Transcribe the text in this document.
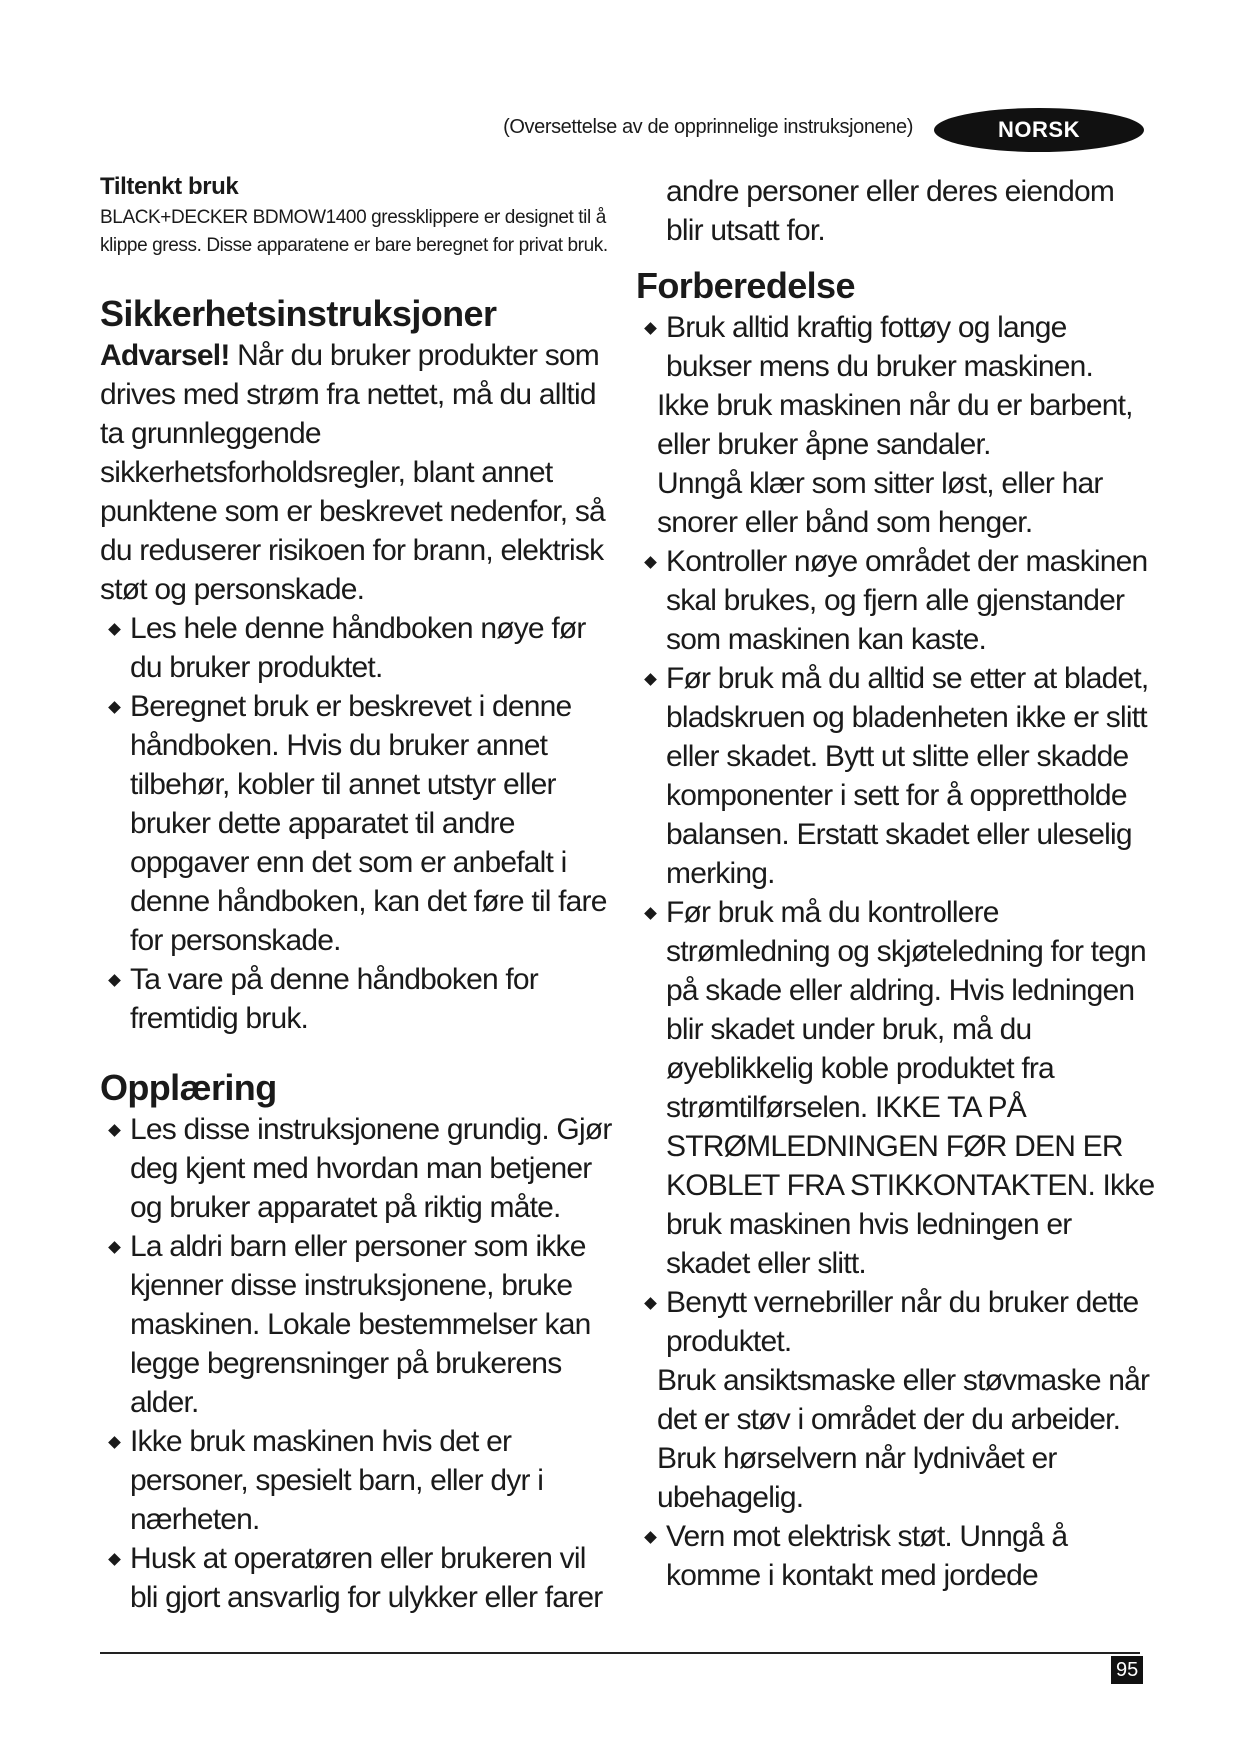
(Oversettelse av de opprinnelige instruksjonene)	NORSK
Tiltenkt bruk
BLACK+DECKER BDMOW1400 gressklippere er designet til å klippe gress. Disse apparatene er bare beregnet for privat bruk.
Sikkerhetsinstruksjoner

Advarsel! Når du bruker produkter som drives med strøm fra nettet, må du alltid ta grunnleggende sikkerhetsforholdsregler, blant annet punktene som er beskrevet nedenfor, så du reduserer risikoen for brann, elektrisk støt og personskade.

Les hele denne håndboken nøye før du bruker produktet.
Beregnet bruk er beskrevet i denne håndboken. Hvis du bruker annet tilbehør, kobler til annet utstyr eller bruker dette apparatet til andre oppgaver enn det som er anbefalt i denne håndboken, kan det føre til fare for personskade.
Ta vare på denne håndboken for fremtidig bruk.
Opplæring
Les disse instruksjonene grundig. Gjør deg kjent med hvordan man betjener og bruker apparatet på riktig måte.
La aldri barn eller personer som ikke kjenner disse instruksjonene, bruke maskinen. Lokale bestemmelser kan legge begrensninger på brukerens alder.
Ikke bruk maskinen hvis det er personer, spesielt barn, eller dyr i nærheten.
Husk at operatøren eller brukeren vil bli gjort ansvarlig for ulykker eller farer

andre personer eller deres eiendom blir utsatt for.

Forberedelse
Bruk alltid kraftig fottøy og lange bukser mens du bruker maskinen.
Ikke bruk maskinen når du er barbent, eller bruker åpne sandaler.
Unngå klær som sitter løst, eller har snorer eller bånd som henger.
Kontroller nøye området der maskinen skal brukes, og fjern alle gjenstander som maskinen kan kaste.
Før bruk må du alltid se etter at bladet, bladskruen og bladenheten ikke er slitt eller skadet. Bytt ut slitte eller skadde komponenter i sett for å opprettholde balansen. Erstatt skadet eller uleselig merking.
Før bruk må du kontrollere strømledning og skjøteledning for tegn på skade eller aldring. Hvis ledningen blir skadet under bruk, må du øyeblikkelig koble produktet fra strømtilførselen. IKKE TA PÅ STRØMLEDNINGEN FØR DEN ER KOBLET FRA STIKKONTAKTEN. Ikke bruk maskinen hvis ledningen er skadet eller slitt.
Benytt vernebriller når du bruker dette produktet.
Bruk ansiktsmaske eller støvmaske når det er støv i området der du arbeider. Bruk hørselvern når lydnivået er ubehagelig.
Vern mot elektrisk støt. Unngå å komme i kontakt med jordede
95
